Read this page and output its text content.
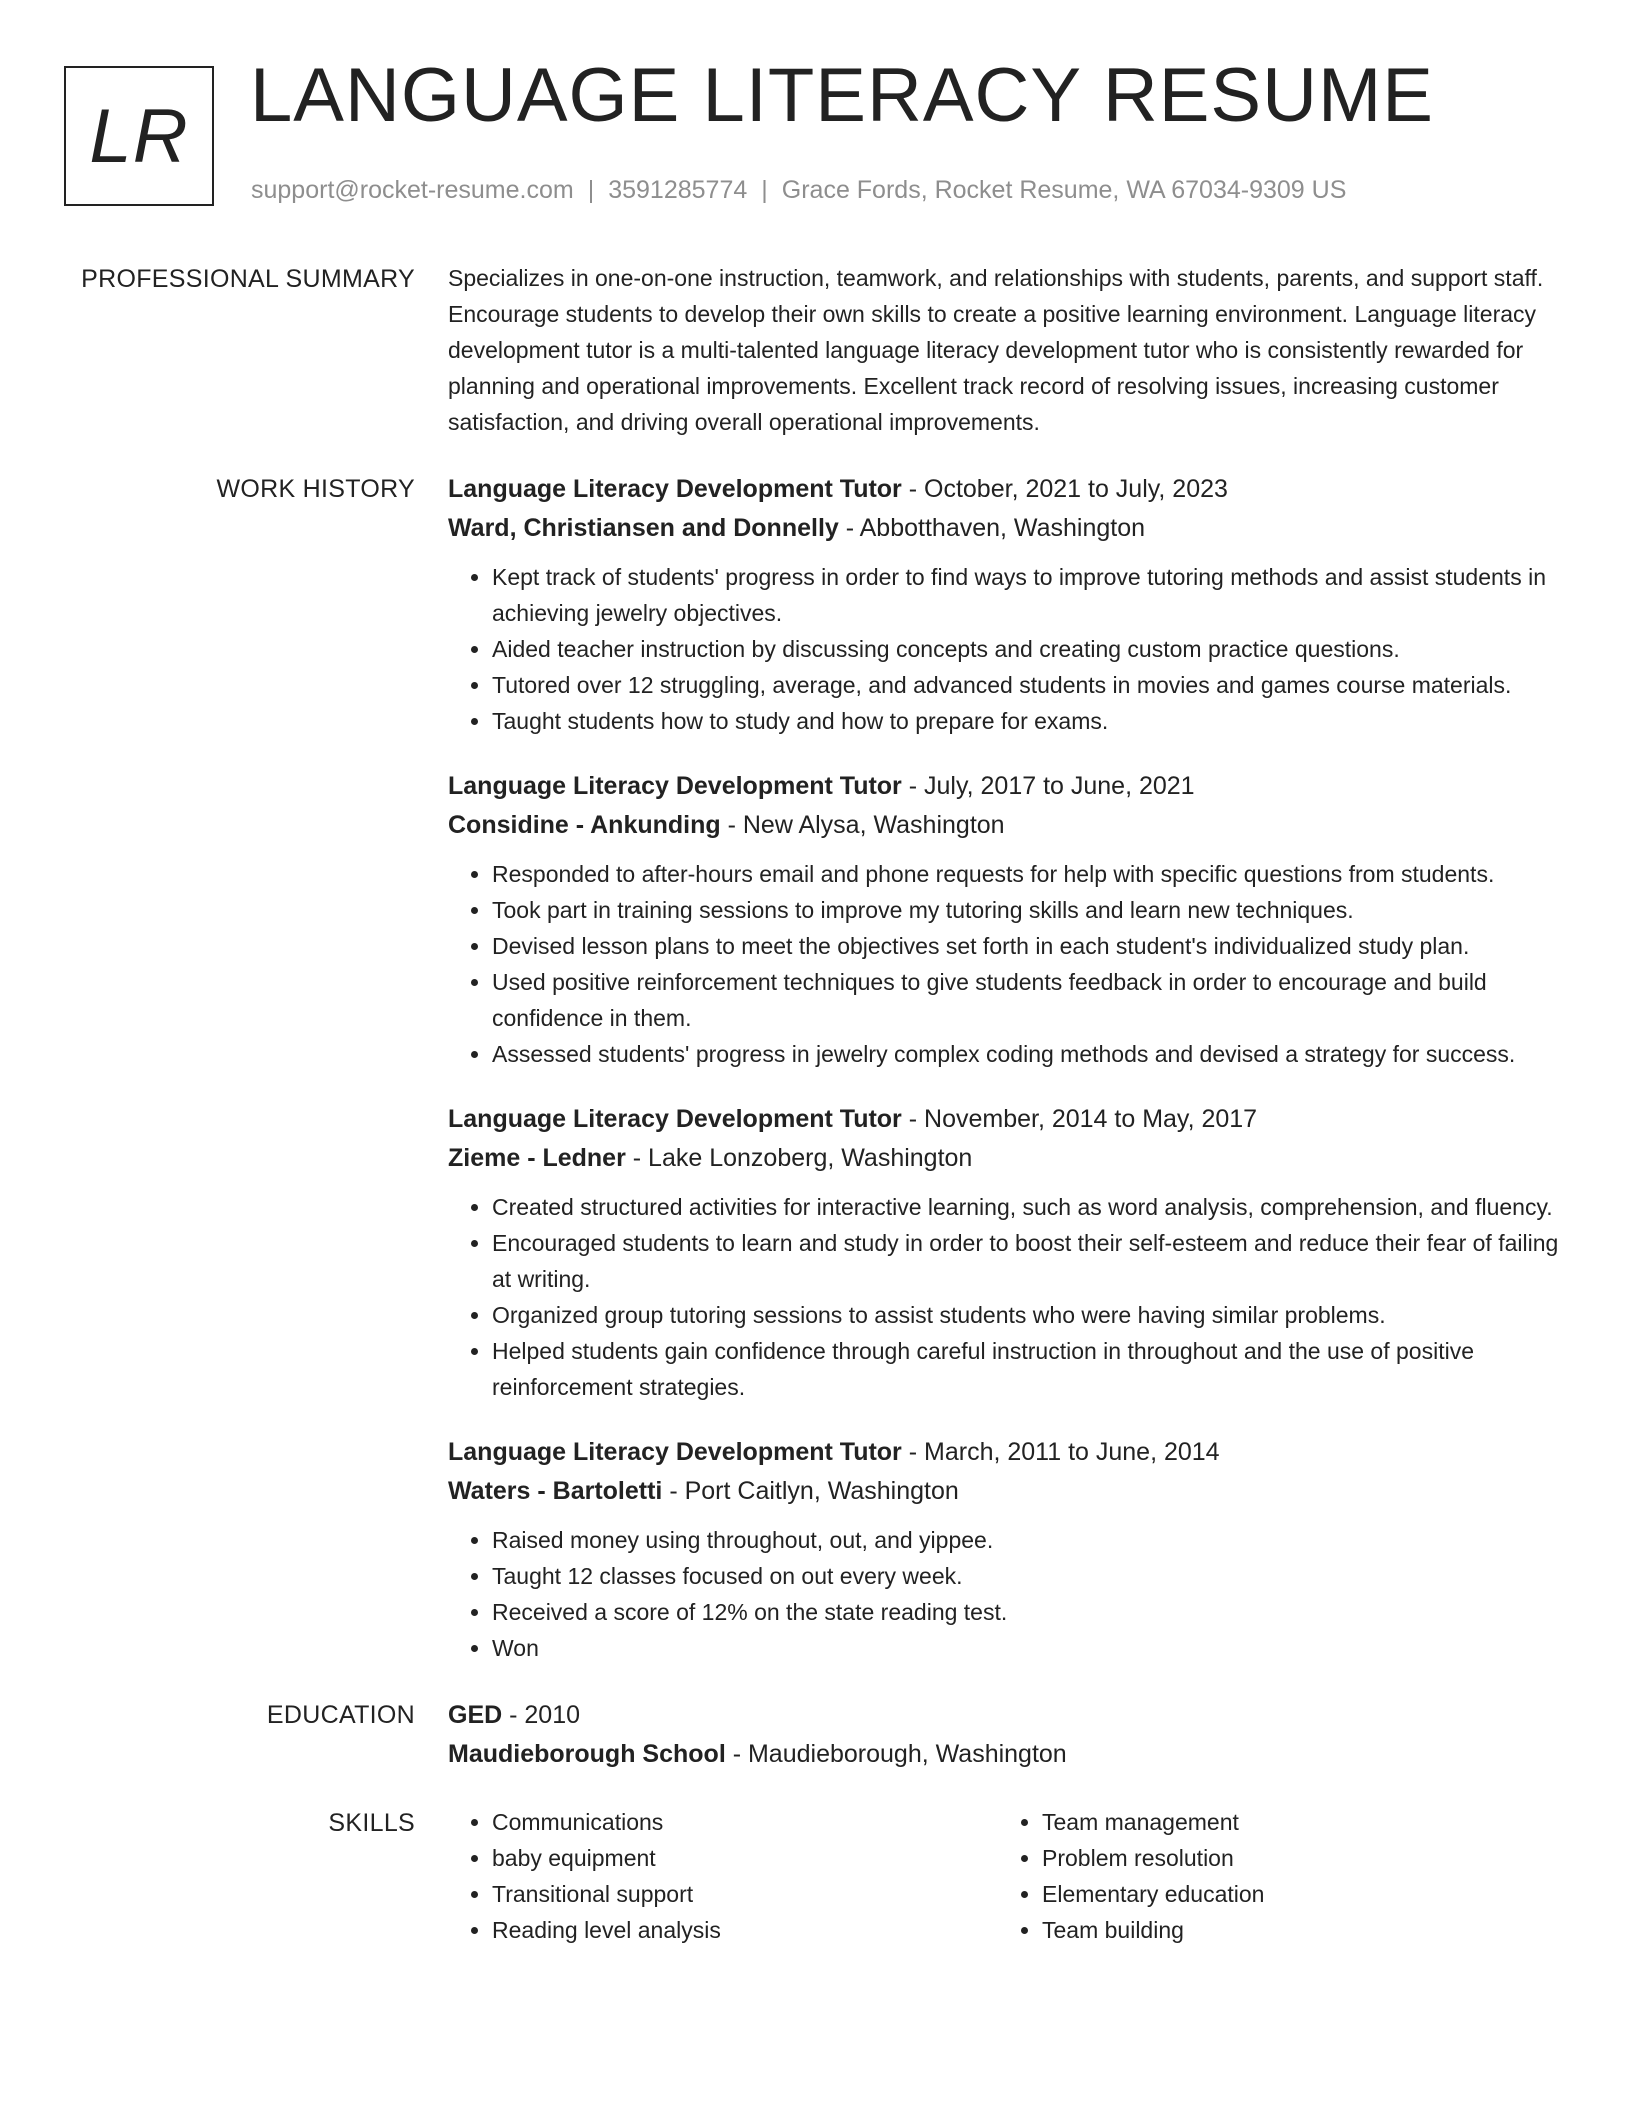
LR LANGUAGE LITERACY RESUME
support@rocket-resume.com | 3591285774 | Grace Fords, Rocket Resume, WA 67034-9309 US
PROFESSIONAL SUMMARY Specializes in one-on-one instruction, teamwork, and relationships with students, parents, and support staff. Encourage students to develop their own skills to create a positive learning environment. Language literacy development tutor is a multi-talented language literacy development tutor who is consistently rewarded for planning and operational improvements. Excellent track record of resolving issues, increasing customer satisfaction, and driving overall operational improvements.
WORK HISTORY Language Literacy Development Tutor - October, 2021 to July, 2023
Ward, Christiansen and Donnelly - Abbotthaven, Washington
• Kept track of students' progress in order to find ways to improve tutoring methods and assist students in achieving jewelry objectives.
• Aided teacher instruction by discussing concepts and creating custom practice questions.
• Tutored over 12 struggling, average, and advanced students in movies and games course materials.
• Taught students how to study and how to prepare for exams.
Language Literacy Development Tutor - July, 2017 to June, 2021
Considine - Ankunding - New Alysa, Washington
• Responded to after-hours email and phone requests for help with specific questions from students.
• Took part in training sessions to improve my tutoring skills and learn new techniques.
• Devised lesson plans to meet the objectives set forth in each student's individualized study plan.
• Used positive reinforcement techniques to give students feedback in order to encourage and build confidence in them.
• Assessed students' progress in jewelry complex coding methods and devised a strategy for success.
Language Literacy Development Tutor - November, 2014 to May, 2017
Zieme - Ledner - Lake Lonzoberg, Washington
• Created structured activities for interactive learning, such as word analysis, comprehension, and fluency.
• Encouraged students to learn and study in order to boost their self-esteem and reduce their fear of failing at writing.
• Organized group tutoring sessions to assist students who were having similar problems.
• Helped students gain confidence through careful instruction in throughout and the use of positive reinforcement strategies.
Language Literacy Development Tutor - March, 2011 to June, 2014
Waters - Bartoletti - Port Caitlyn, Washington
• Raised money using throughout, out, and yippee.
• Taught 12 classes focused on out every week.
• Received a score of 12% on the state reading test.
• Won
EDUCATION GED - 2010
Maudieborough School - Maudieborough, Washington
SKILLS
•	Communications
• baby equipment
• Transitional support
• Reading level analysis
• Team management
• Problem resolution
• Elementary education
• Team building
